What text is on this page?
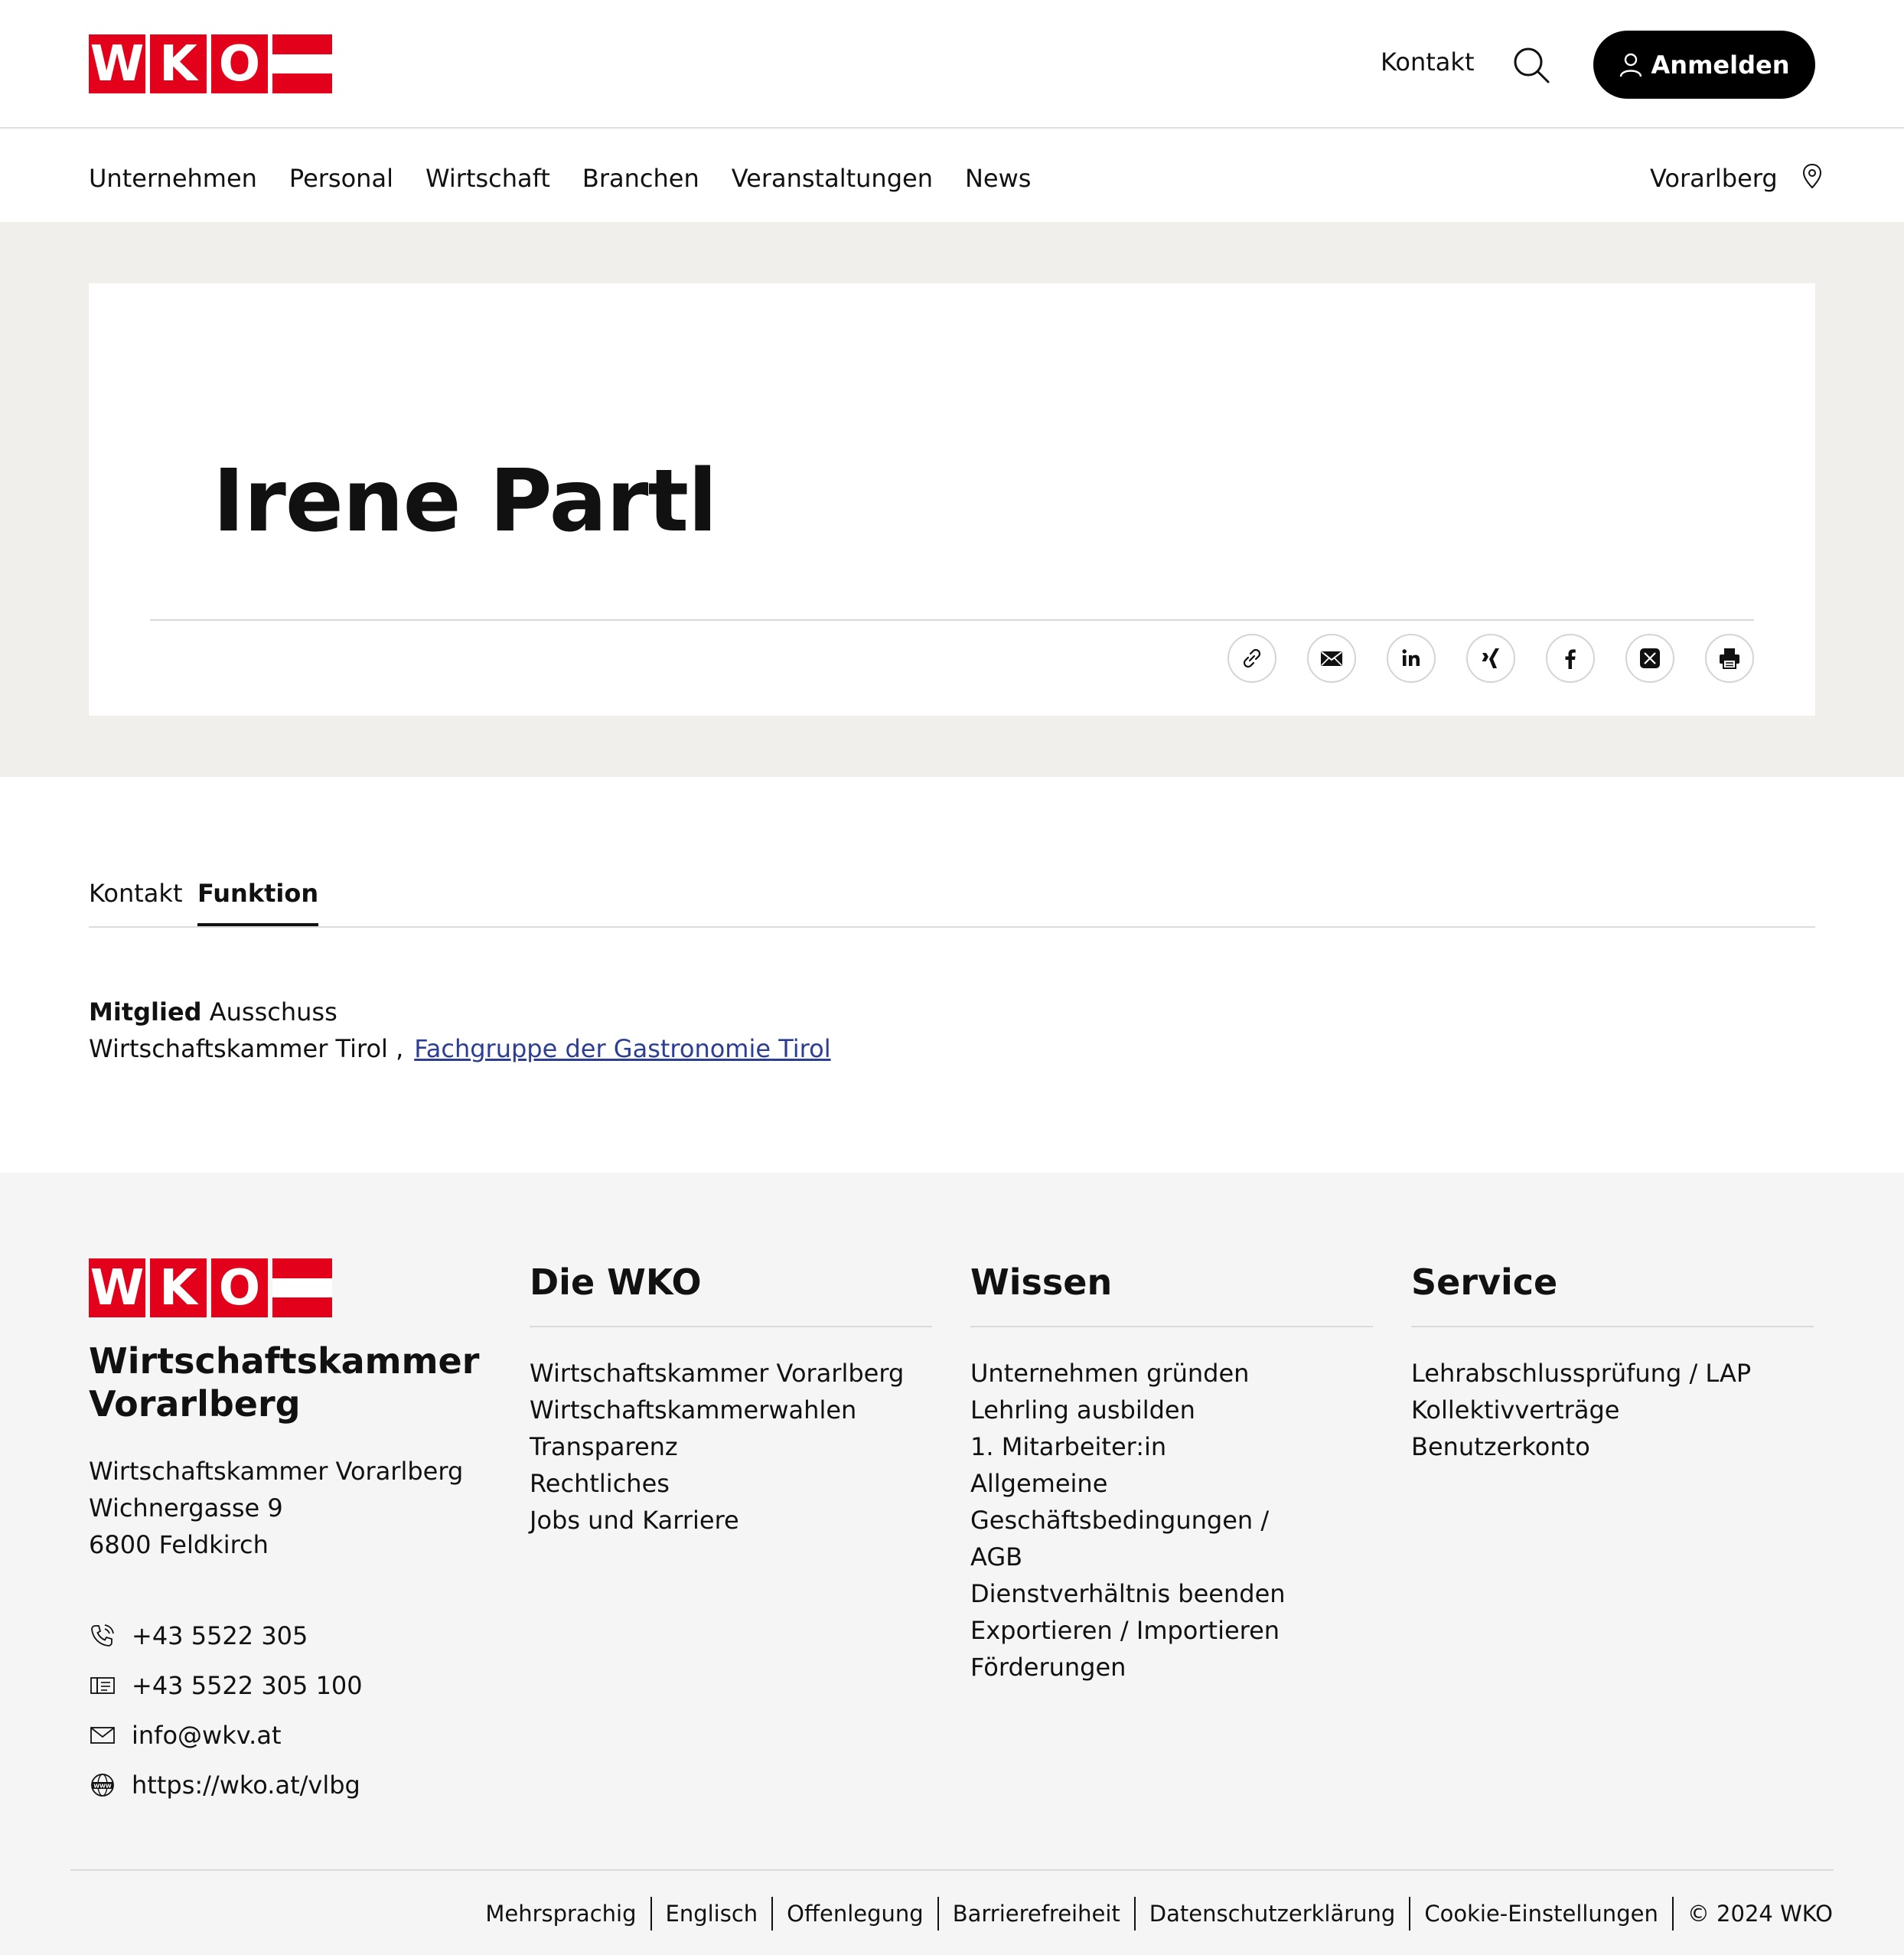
W K O	Kontakt	Anmelden
Unternehmen Personal Wirtschaft Branchen Veranstaltungen News	Vorarlberg
Irene Partl
Kontakt Funktion
Mitglied Ausschuss
Wirtschaftskammer Tirol , Fachgruppe der Gastronomie Tirol
W K O
Wirtschaftskammer
Vorarlberg
Wirtschaftskammer Vorarlberg
Wichnergasse 9
6800 Feldkirch
+43 5522 305
+43 5522 305 100
info@wkv.at
WWW https://wko.at/vlbg
Die WKO
Wirtschaftskammer Vorarlberg
Wirtschaftskammerwahlen
Transparenz
Rechtliches
Jobs und Karriere
Wissen
Unternehmen gründen
Lehrling ausbilden
1. Mitarbeiter:in
Allgemeine Geschäftsbedingungen /
AGB
Dienstverhältnis beenden
Exportieren / Importieren
Förderungen
Service
Lehrabschlussprüfung / LAP
Kollektivverträge
Benutzerkonto
Mehrsprachig	Englisch	Offenlegung	Barrierefreiheit	Datenschutzerklärung	Cookie-Einstellungen	© 2024 WKO
